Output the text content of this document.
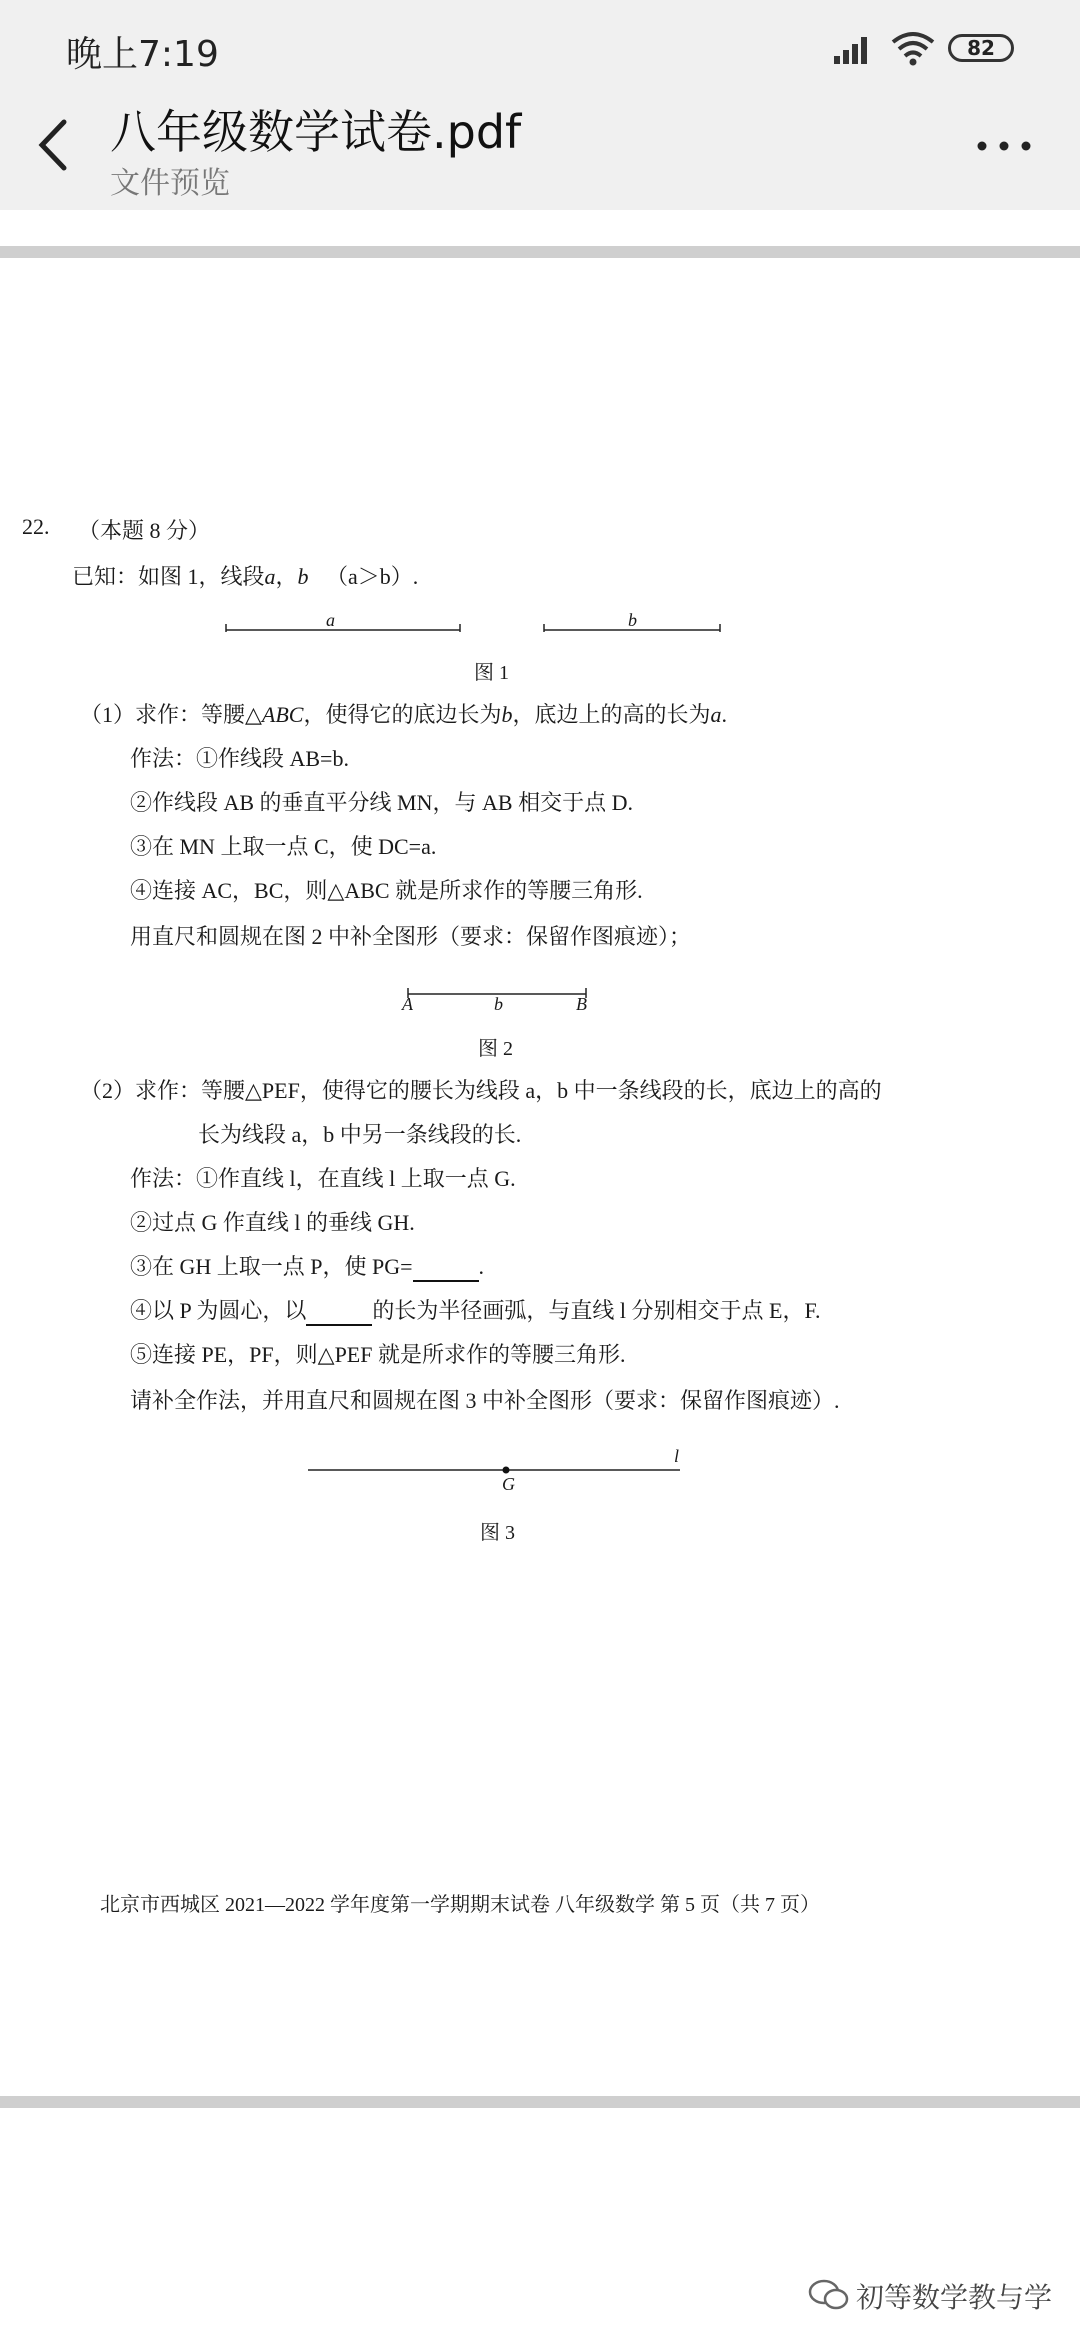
晚上7:19	82
八年级数学试卷.pdf
文件预览
22. （本题 8 分）
已知：如图 1，线段a，b （a＞b）.
a	b
图 1
（1）求作：等腰△ABC，使得它的底边长为b，底边上的高的长为a.
作法：①作线段 AB=b.
②作线段 AB 的垂直平分线 MN，与 AB 相交于点 D.
③在 MN 上取一点 C，使 DC=a.
④连接 AC，BC，则△ABC 就是所求作的等腰三角形.
用直尺和圆规在图 2 中补全图形（要求：保留作图痕迹）；
A	b	B
图 2
（2）求作：等腰△PEF，使得它的腰长为线段 a，b 中一条线段的长，底边上的高的
长为线段 a，b 中另一条线段的长.
作法：①作直线 l，在直线 l 上取一点 G.
②过点 G 作直线 l 的垂线 GH.
③在 GH 上取一点 P，使 PG=	.
④以 P 为圆心，以	的长为半径画弧，与直线 l 分别相交于点 E，F.
⑤连接 PE，PF，则△PEF 就是所求作的等腰三角形.
请补全作法，并用直尺和圆规在图 3 中补全图形（要求：保留作图痕迹）.
l
G
图 3
北京市西城区 2021—2022 学年度第一学期期末试卷 八年级数学 第 5 页（共 7 页）
初等数学教与学
